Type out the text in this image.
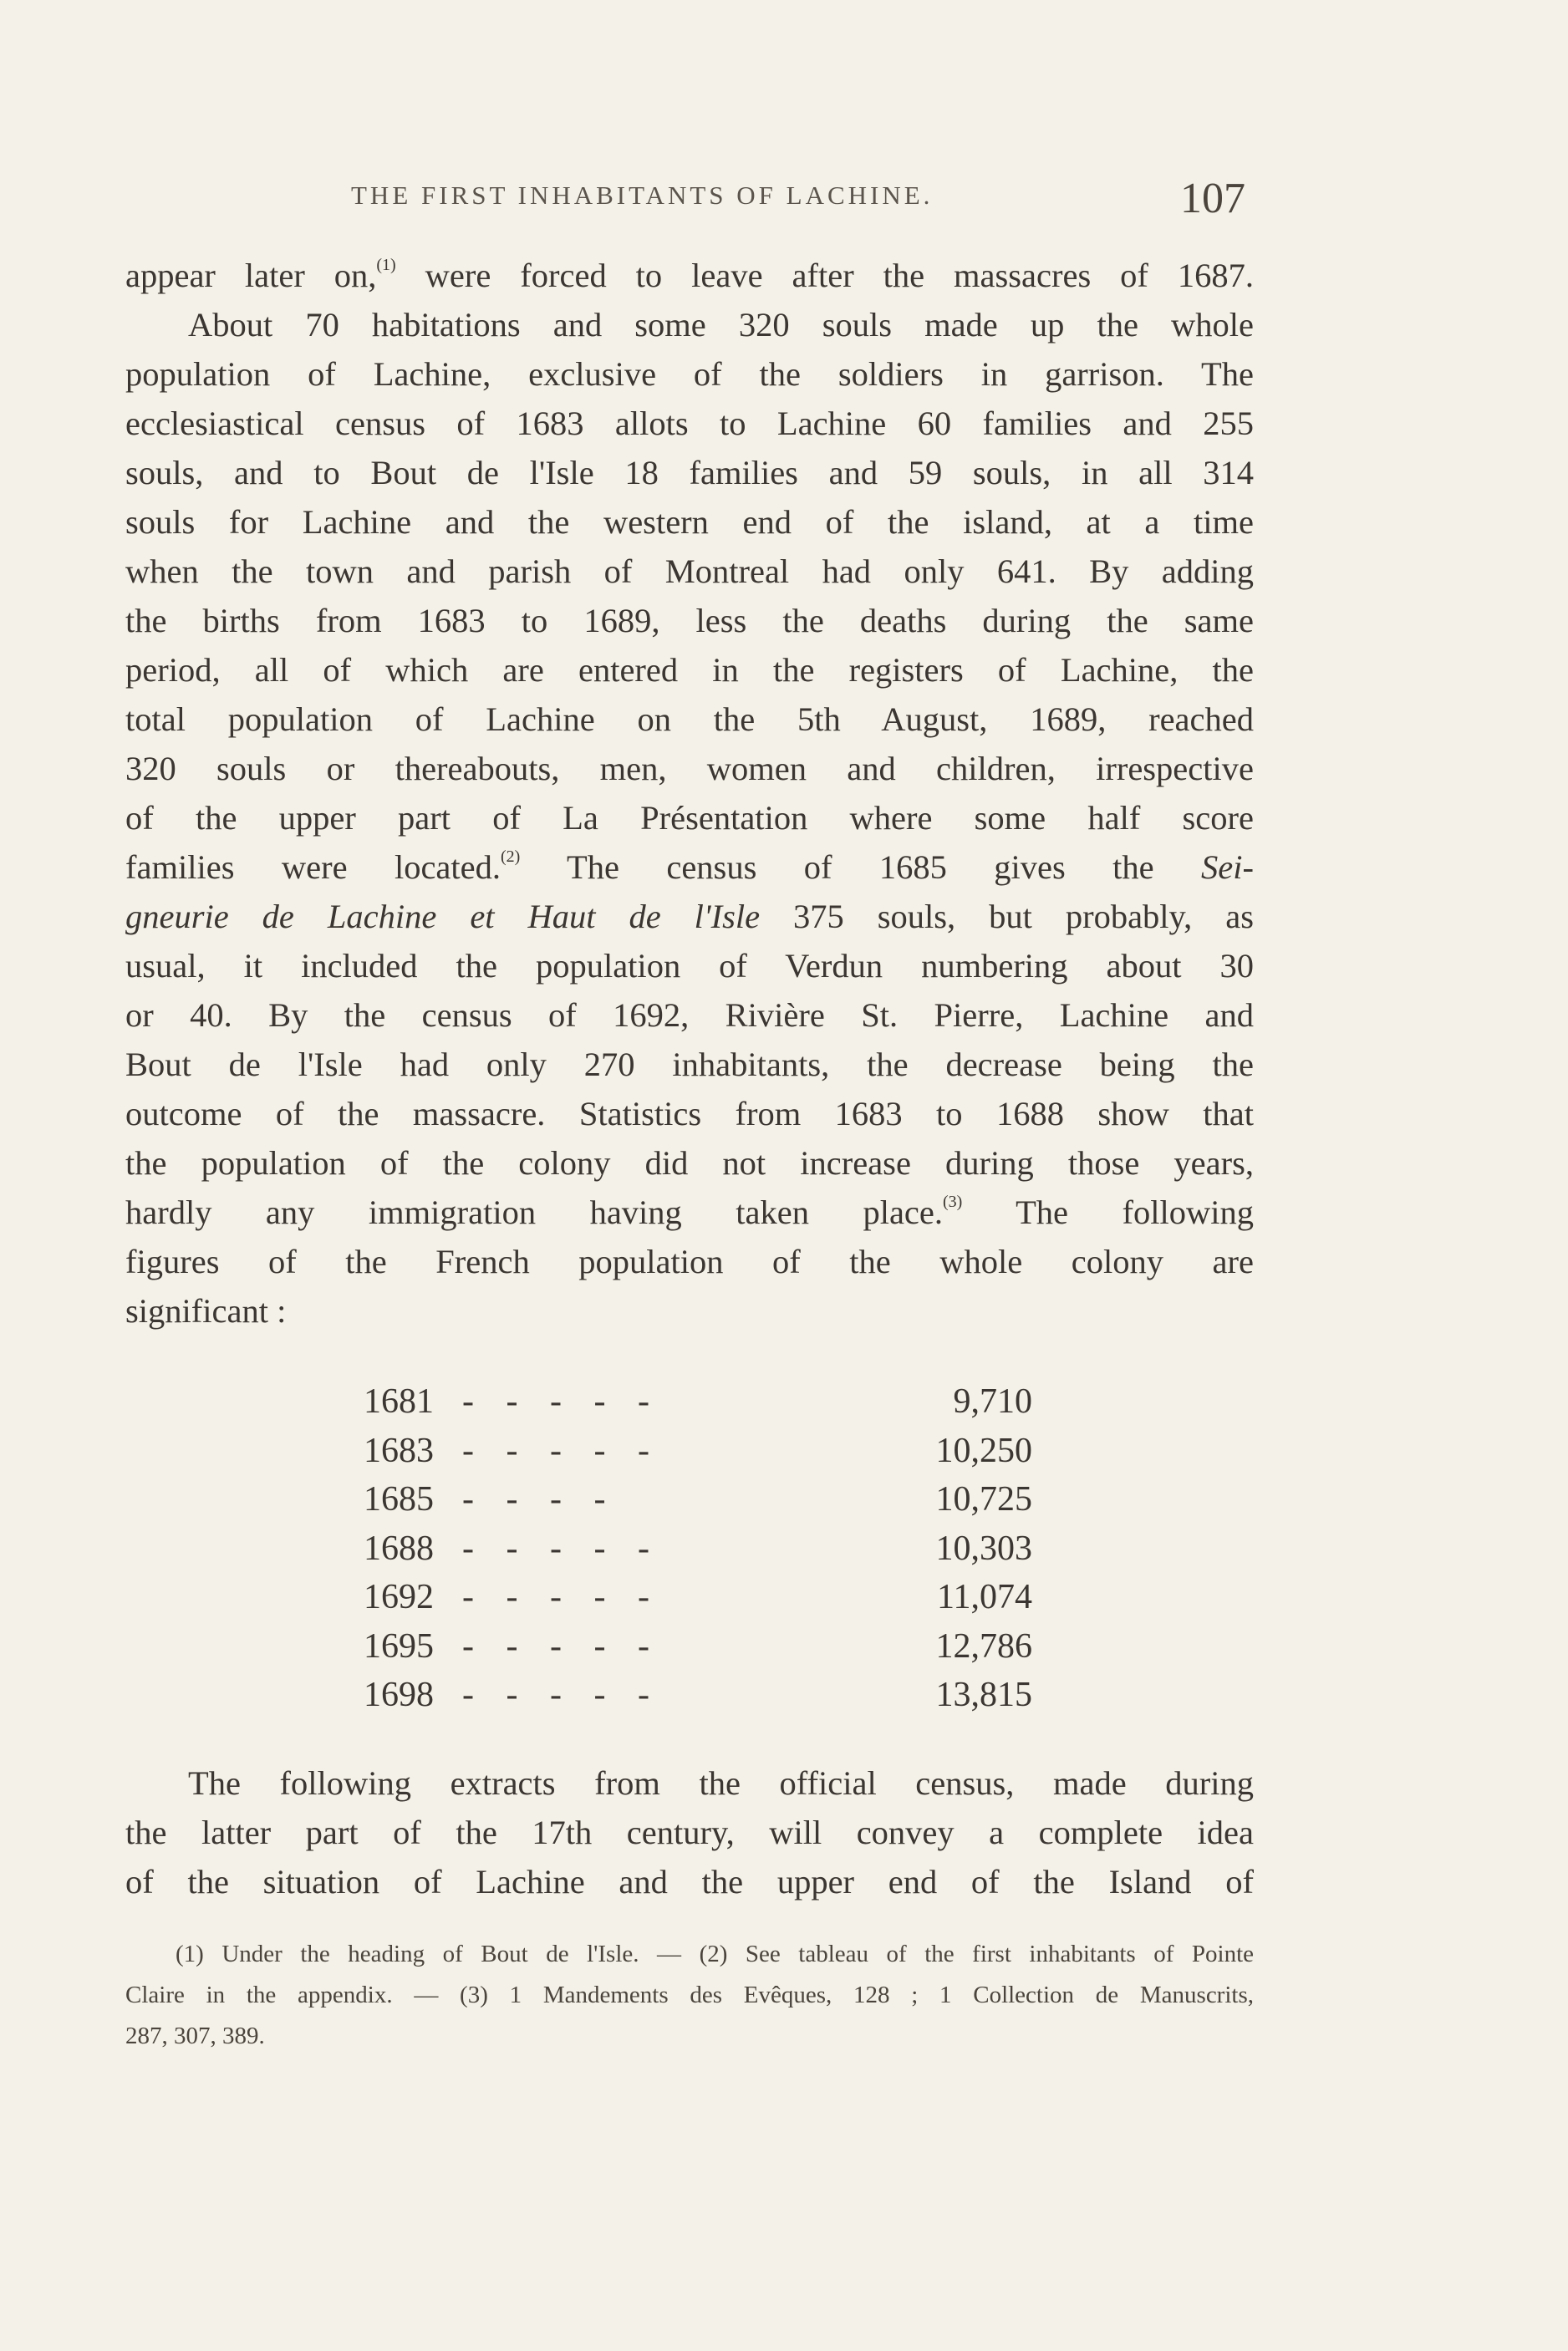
THE FIRST INHABITANTS OF LACHINE.	107
appear later on,$^{(1)}$ were forced to leave after the massacres of 1687.
About 70 habitations and some 320 souls made up the whole
population of Lachine, exclusive of the soldiers in garrison. The
ecclesiastical census of 1683 allots to Lachine 60 families and 255
souls, and to Bout de l'Isle 18 families and 59 souls, in all 314
souls for Lachine and the western end of the island, at a time
when the town and parish of Montreal had only 641. By adding
the births from 1683 to 1689, less the deaths during the same
period, all of which are entered in the registers of Lachine, the
total population of Lachine on the 5th August, 1689, reached
320 souls or thereabouts, men, women and children, irrespective
of the upper part of La Présentation where some half score
families were located.$^{(2)}$ The census of 1685 gives the Sei-
gneurie de Lachine et Haut de l'Isle 375 souls, but probably, as
usual, it included the population of Verdun numbering about 30
or 40. By the census of 1692, Rivière St. Pierre, Lachine and
Bout de l'Isle had only 270 inhabitants, the decrease being the
outcome of the massacre. Statistics from 1683 to 1688 show that
the population of the colony did not increase during those years,
hardly any immigration having taken place.$^{(3)}$ The following
figures of the French population of the whole colony are
significant :
1681 - - - - -	9,710
1683 - - - - -	10,250
1685 - - - -	10,725
1688 - - - - -	10,303
1692 - - - - -	11,074
1695 - - - - -	12,786
1698 - - - - -	13,815
The following extracts from the official census, made during
the latter part of the 17th century, will convey a complete idea
of the situation of Lachine and the upper end of the Island of
(1) Under the heading of Bout de l'Isle. — (2) See tableau of the first inhabitants of Pointe
Claire in the appendix. — (3) 1 Mandements des Evêques, 128 ; 1 Collection de Manuscrits,
287, 307, 389.
